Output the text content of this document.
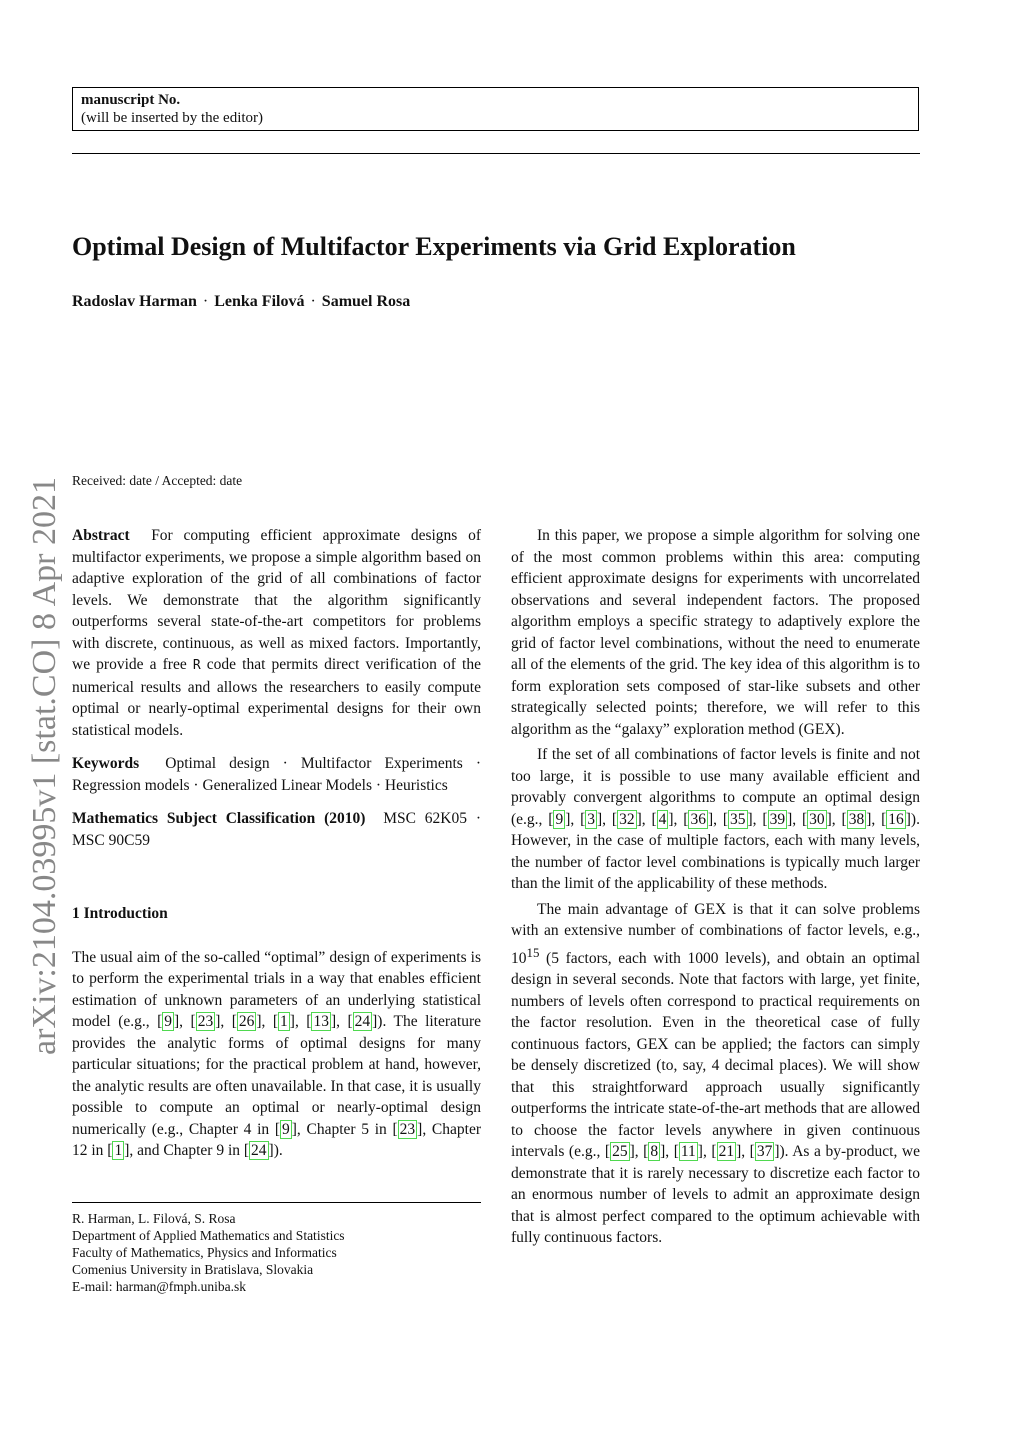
manuscript No.
(will be inserted by the editor)
Optimal Design of Multifactor Experiments via Grid Exploration
Radoslav Harman · Lenka Filová · Samuel Rosa
arXiv:2104.03995v1 [stat.CO] 8 Apr 2021 Received: date / Accepted: date

Abstract For computing efficient approximate designs of multifactor experiments, we propose a simple algorithm based on adaptive exploration of the grid of all combinations of factor levels. We demonstrate that the algorithm significantly outperforms several state-of-the-art competitors for problems with discrete, continuous, as well as mixed factors. Importantly, we provide a free R code that permits direct verification of the numerical results and allows the researchers to easily compute optimal or nearly-optimal experimental designs for their own statistical models.

Keywords Optimal design · Multifactor Experiments · Regression models · Generalized Linear Models · Heuristics

Mathematics Subject Classification (2010) MSC 62K05 · MSC 90C59

1 Introduction

The usual aim of the so-called “optimal” design of experiments is to perform the experimental trials in a way that enables efficient estimation of unknown parameters of an underlying statistical model (e.g., [ 9 ], [ 23 ], [ 26 ], [ 1 ], [ 13 ], [ 24 ]). The literature provides the analytic forms of optimal designs for many particular situations; for the practical problem at hand, however, the analytic results are often unavailable. In that case, it is usually possible to compute an optimal or nearly-optimal design numerically (e.g., Chapter 4 in [ 9 ], Chapter 5 in [ 23 ], Chapter 12 in [ 1 ], and Chapter 9 in [ 24 ]).

R. Harman, L. Filová, S. Rosa
Department of Applied Mathematics and Statistics
Faculty of Mathematics, Physics and Informatics
Comenius University in Bratislava, Slovakia
E-mail: harman@fmph.uniba.sk

In this paper, we propose a simple algorithm for solving one of the most common problems within this area: computing efficient approximate designs for experiments with uncorrelated observations and several independent factors. The proposed algorithm employs a specific strategy to adaptively explore the grid of factor level combinations, without the need to enumerate all of the elements of the grid. The key idea of this algorithm is to form exploration sets composed of star-like subsets and other strategically selected points; therefore, we will refer to this algorithm as the “galaxy” exploration method (GEX).

If the set of all combinations of factor levels is finite and not too large, it is possible to use many available efficient and provably convergent algorithms to compute an optimal design (e.g., [ 9 ], [ 3 ], [ 32 ], [ 4 ], [ 36 ], [ 35 ], [ 39 ], [ 30 ], [ 38 ], [ 16 ]). However, in the case of multiple factors, each with many levels, the number of factor level combinations is typically much larger than the limit of the applicability of these methods.

The main advantage of GEX is that it can solve problems with an extensive number of combinations of factor levels, e.g., $10^{15}$ (5 factors, each with 1000 levels), and obtain an optimal design in several seconds. Note that factors with large, yet finite, numbers of levels often correspond to practical requirements on the factor resolution. Even in the theoretical case of fully continuous factors, GEX can be applied; the factors can simply be densely discretized (to, say, 4 decimal places). We will show that this straightforward approach usually significantly outperforms the intricate state-of-the-art methods that are allowed to choose the factor levels anywhere in given continuous intervals (e.g., [ 25 ], [ 8 ], [ 11 ], [ 21 ], [ 37 ]). As a by-product, we demonstrate that it is rarely necessary to discretize each factor to an enormous number of levels to admit an approximate design that is almost perfect compared to the optimum achievable with fully continuous factors.
